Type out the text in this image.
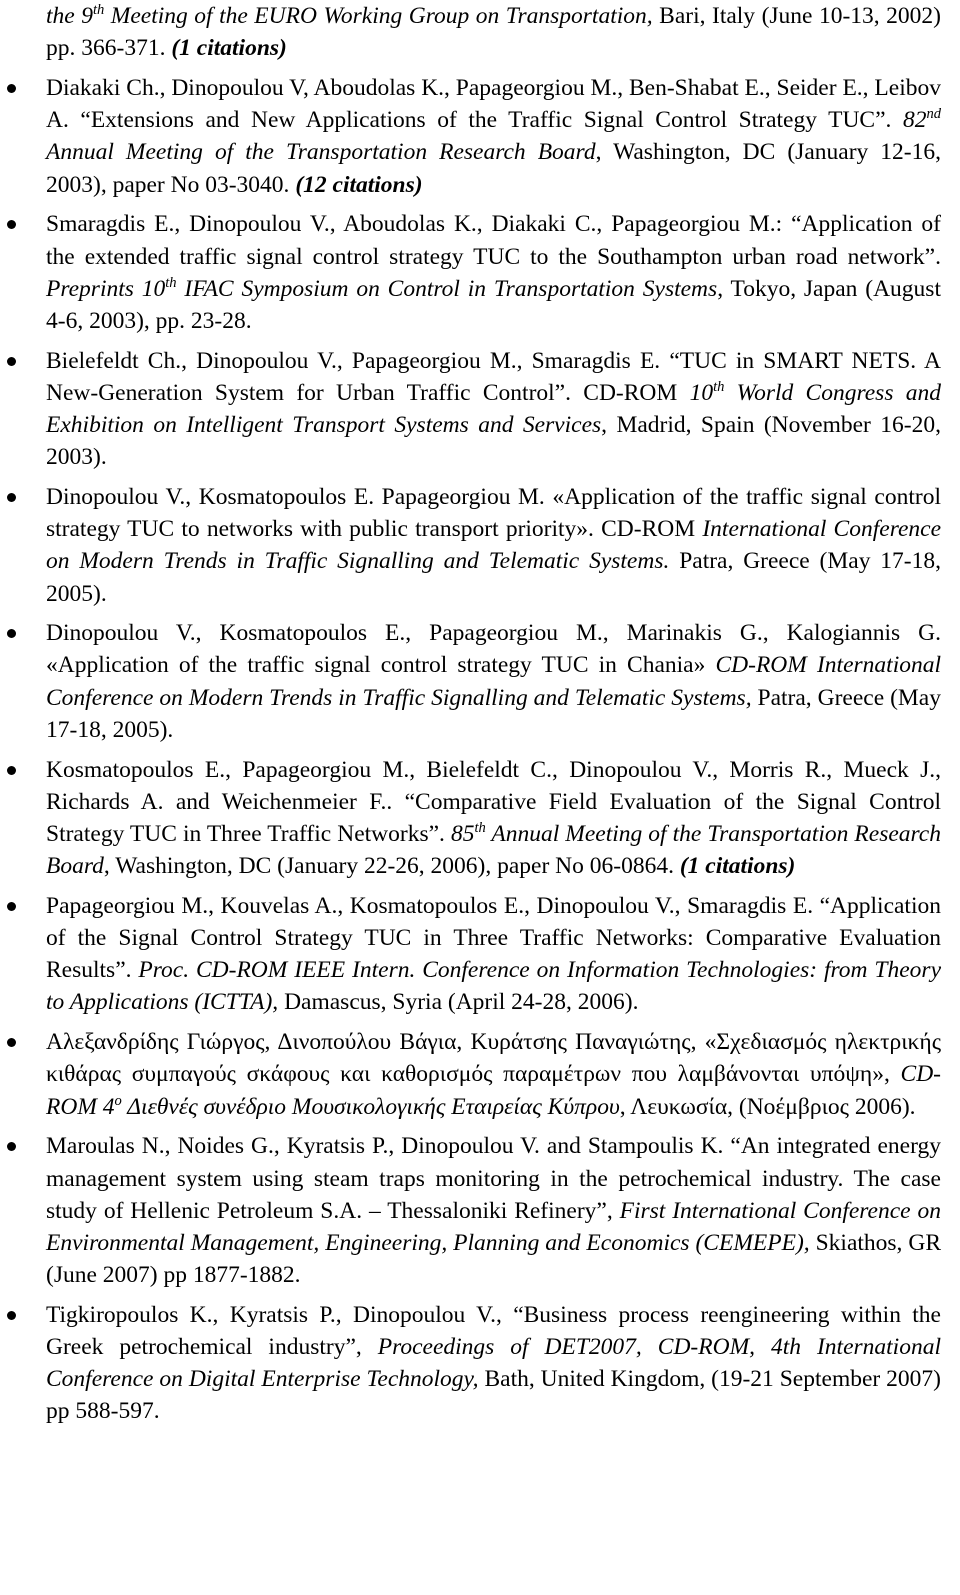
the 9th Meeting of the EURO Working Group on Transportation, Bari, Italy (June 10-13, 2002) pp. 366-371. (1 citations)
Diakaki Ch., Dinopoulou V, Aboudolas K., Papageorgiou M., Ben-Shabat E., Seider E., Leibov A. “Extensions and New Applications of the Traffic Signal Control Strategy TUC”. 82nd Annual Meeting of the Transportation Research Board, Washington, DC (January 12-16, 2003), paper No 03-3040. (12 citations)
Smaragdis E., Dinopoulou V., Aboudolas K., Diakaki C., Papageorgiou M.: “Application of the extended traffic signal control strategy TUC to the Southampton urban road network”. Preprints 10th IFAC Symposium on Control in Transportation Systems, Tokyo, Japan (August 4-6, 2003), pp. 23-28.
Bielefeldt Ch., Dinopoulou V., Papageorgiou M., Smaragdis E. “TUC in SMART NETS. A New-Generation System for Urban Traffic Control”. CD-ROM 10th World Congress and Exhibition on Intelligent Transport Systems and Services, Madrid, Spain (November 16-20, 2003).
Dinopoulou V., Kosmatopoulos E. Papageorgiou M. «Application of the traffic signal control strategy TUC to networks with public transport priority». CD-ROM International Conference on Modern Trends in Traffic Signalling and Telematic Systems. Patra, Greece (May 17-18, 2005).
Dinopoulou V., Kosmatopoulos E., Papageorgiou M., Marinakis G., Kalogiannis G. «Application of the traffic signal control strategy TUC in Chania» CD-ROM International Conference on Modern Trends in Traffic Signalling and Telematic Systems, Patra, Greece (May 17-18, 2005).
Kosmatopoulos E., Papageorgiou M., Bielefeldt C., Dinopoulou V., Morris R., Mueck J., Richards A. and Weichenmeier F.. “Comparative Field Evaluation of the Signal Control Strategy TUC in Three Traffic Networks”. 85th Annual Meeting of the Transportation Research Board, Washington, DC (January 22-26, 2006), paper No 06-0864. (1 citations)
Papageorgiou M., Kouvelas A., Kosmatopoulos E., Dinopoulou V., Smaragdis E. “Application of the Signal Control Strategy TUC in Three Traffic Networks: Comparative Evaluation Results”. Proc. CD-ROM IEEE Intern. Conference on Information Technologies: from Theory to Applications (ICTTA), Damascus, Syria (April 24-28, 2006).
Αλεξανδρίδης Γιώργος, Δινοπούλου Βάγια, Κυράτσης Παναγιώτης, «Σχεδιασμός ηλεκτρικής κιθάρας συμπαγούς σκάφους και καθορισμός παραμέτρων που λαμβάνονται υπόψη», CD-ROM $4^o$ Διεθνές συνέδριο Μουσικολογικής Εταιρείας Κύπρου, Λευκωσία, (Νοέμβριος 2006).
Maroulas N., Noides G., Kyratsis P., Dinopoulou V. and Stampoulis K. “An integrated energy management system using steam traps monitoring in the petrochemical industry. The case study of Hellenic Petroleum S.A. – Thessaloniki Refinery”, First International Conference on Environmental Management, Engineering, Planning and Economics (CEMEPE), Skiathos, GR (June 2007) pp 1877-1882.
Tigkiropoulos K., Kyratsis P., Dinopoulou V., “Business process reengineering within the Greek petrochemical industry”, Proceedings of DET2007, CD-ROM, 4th International Conference on Digital Enterprise Technology, Bath, United Kingdom, (19-21 September 2007) pp 588-597.
